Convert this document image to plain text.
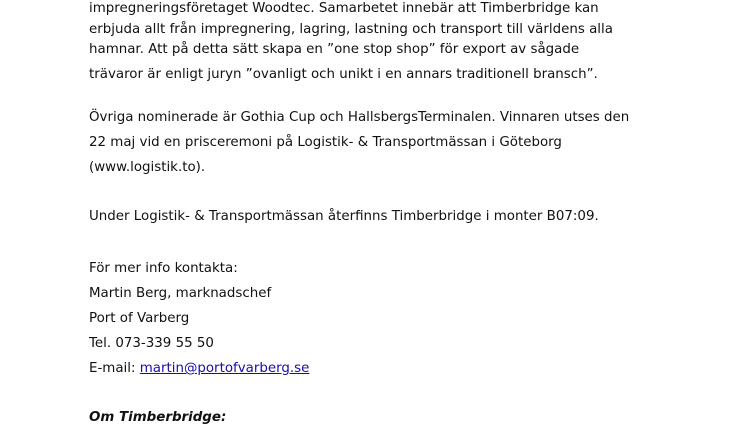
impregneringsföretaget Woodtec. Samarbetet innebär att Timberbridge kan
erbjuda allt från impregnering, lagring, lastning och transport till världens alla
hamnar. Att på detta sätt skapa en ”one stop shop” för export av sågade
trävaror är enligt juryn ”ovanligt och unikt i en annars traditionell bransch”.
Övriga nominerade är Gothia Cup och HallsbergsTerminalen. Vinnaren utses den
22 maj vid en prisceremoni på Logistik- & Transportmässan i Göteborg
(www.logistik.to).
Under Logistik- & Transportmässan återfinns Timberbridge i monter B07:09.
För mer info kontakta:
Martin Berg, marknadschef
Port of Varberg
Tel. 073-339 55 50
E-mail: martin@portofvarberg.se
Om Timberbridge:
